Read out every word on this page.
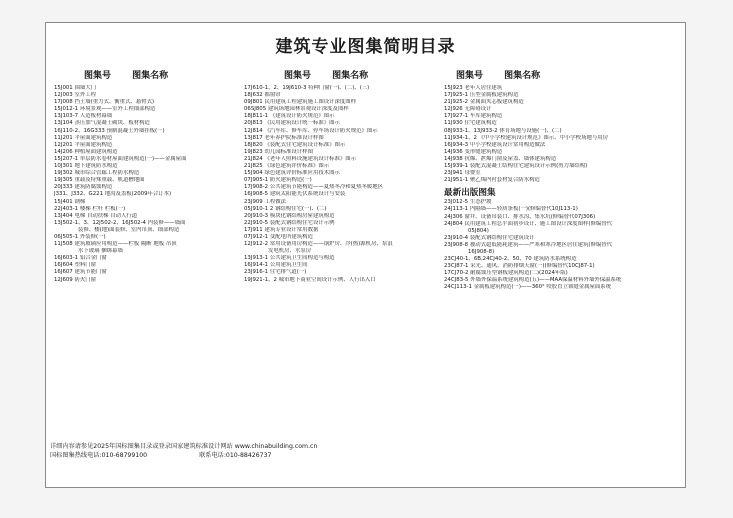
建筑专业图集简明目录
图集号 图集名称	图集号 图集名称	图集号 图集名称
15J001 围墙大门
12J003 室外工程
17J008 挡土墙(重力式、衡重式、悬臂式)
15J012-1 环境景观——室外工程细部构造
13J103-7 人造板材幕墙
13J104 蒸压加气混凝土砌块、板材构造
16J110-2、16G333 预制混凝土外墙挂板(一)
11J201 平屋面建筑构造
12J201 平屋面建筑构造
14J206 种植屋面建筑构造
15J207-1 单层防水卷材屋面建筑构造(一)——金属屋面
10J301 地下建筑防水构造
19J302 城市综合管廊工程防水构造
19J305 重载及特殊重载、轨道槽地面
20J333 建筑防腐蚀构造
J331、J332、G221 地沟及盖板(2009年合订本)
15J401 钢梯
22J403-1 楼梯 栏杆 栏板(一)
13J404 电梯 自动扶梯 自动人行道
13J502-1、3、12J502-2、16J502-4 内装修——墙面
装修、楼(地)面装修、室内吊顶、细部构造
06J505-1 外装修(一)
11J508 建筑玻璃应用构造——栏板 隔断 地板 吊顶
水下玻璃 捆绑幕墙
16J603-1 铝合金门窗
16J604 塑料门窗
16J607 建筑节能门窗
12J609 防火门窗
17J610-1、2、19J610-3 特种门窗(一)、(二)、(三)
18J632 都窗帘
09J801 民用建筑工程建筑施工图设计深度图样
06SJ805 建筑场地园林景观设计深度及图样
18J811-1 《建筑设计防火规范》图示
20J813 《民用建筑设计统一标准》图示
12J814 《汽车库、修车库、停车场设计防火规范》图示
13J817 老年养护院标准设计样图
18J820 《装配式住宅建筑设计标准》图示
19J823 幼儿园标准设计样图
21J824 《老年人照料设施建筑设计标准》图示
21J825 《绿色建筑评价标准》图示
15J904 绿色建筑评价标准应用技术图示
07J905-1 防火建筑构造(一)
17J908-2 公共建筑节能构造——夏热冬冷和夏热冬暖地区
16J908-5 建筑太阳能光伏系统设计与安装
23J909 工程做法
05J910-1 2 钢结构住宅(一)、(二)
20J910-3 模块化钢结构房屋建筑构造
22J910-5 装配式钢结构住宅设计示例
17J911 建筑专业设计常用数据
07J912-1 变配电所建筑构造
12J912-2 常用设备用房构造——锅炉房、冷(热)源机房、泵浪
发电机房、水泵房
13J913-1 公共建筑卫生间构造与构造
16J914-1 公用建筑卫生间
23J916-1 住宅排气道(一)
19J921-1、2 城市地下商业空间设计示例、人行出入口
15J923 老年人居住建筑
17J925-1 压型金属板建筑构造
21J925-2 金属面夹芯板建筑构造
12J926 无障碍设计
17J927-1 车库建筑构造
11J930 住宅建筑构造
08J933-1、13J933-2 体育场地与设施(一)、(二)
11J934-1、2 《中小学校建筑设计规范》图示、中小学校场地与用房
16J934-3 中小学校建筑设计常用构造做法
14J936 变形缝建筑构造
14J938 抗爆、泄爆门窗及屋盖、墙体建筑构造
15J939-1 装配式混凝土结构住宅建筑设计示例(剪力墙结构)
23J941 母婴室
21J951-1 聚乙烯内衬套材复合防水构造
最新出版图集
23J012-5 生态护坡
24J113-1 内隔墙——轻质条板(一)(修编替代10J113-1)
24J306 窗井、设备吊装口、排水沟、集水坑(修编替代07J306)
24J804 民用建筑工程总平面初步设计、施工图设计深度图样(修编替代
05J804)
23J910-4 装配式钢结构住宅建筑设计
23J908-8 被动式超低能耗建筑——严寒和寒冷地区居住建筑(修编替代
16J908-8)
23CJ40-1、6B,24CJ40-2、50、70 建筑防水系统构造
23CJ87-1 采光、通风、消防排烟天窗(一)(修编替代10CJ87-1)
17CJ70-2 耐腐蚀压型钢板建筑构造(二)(2024年版)
24CJ83-5 外墙外保温系统建筑构造(五)——MAA保温材料外墙外保温系统
24CJ113-1 金属板建筑构造(一)——360° 咬胶直立锁缝金属屋面系统
详细内容请参见2025年国标图集目录或登录国家建筑标准设计网站 www.chinabuilding.com.cn
国标图集热线电话:010-68799100	联系电话:010-88426737
